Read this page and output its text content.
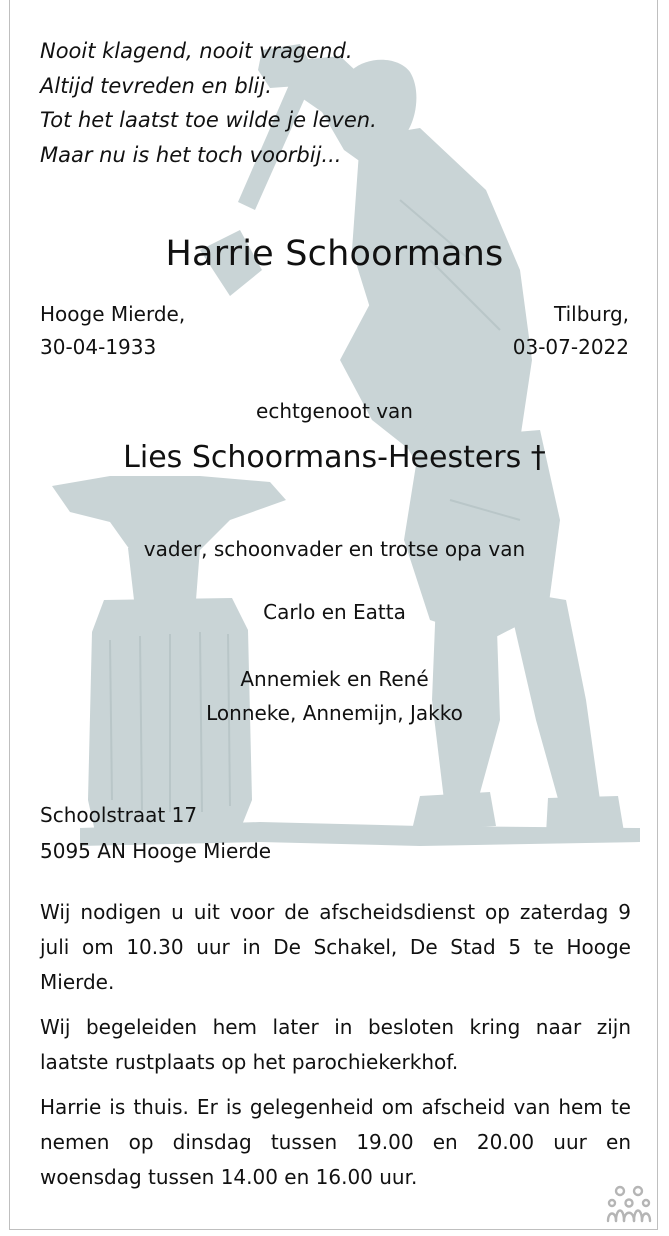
Nooit klagend, nooit vragend.
Altijd tevreden en blij.
Tot het laatst toe wilde je leven.
Maar nu is het toch voorbij...
Harrie Schoormans
Hooge Mierde,
30-04-1933
Tilburg,
03-07-2022
echtgenoot van
Lies Schoormans-Heesters †
vader, schoonvader en trotse opa van
Carlo en Eatta
Annemiek en René
Lonneke, Annemijn, Jakko
Schoolstraat 17
5095 AN Hooge Mierde

Wij nodigen u uit voor de afscheidsdienst op zaterdag 9 juli om 10.30 uur in De Schakel, De Stad 5 te Hooge Mierde.

Wij begeleiden hem later in besloten kring naar zijn laatste rustplaats op het parochiekerkhof.

Harrie is thuis. Er is gelegenheid om afscheid van hem te nemen op dinsdag tussen 19.00 en 20.00 uur en woensdag tussen 14.00 en 16.00 uur.
